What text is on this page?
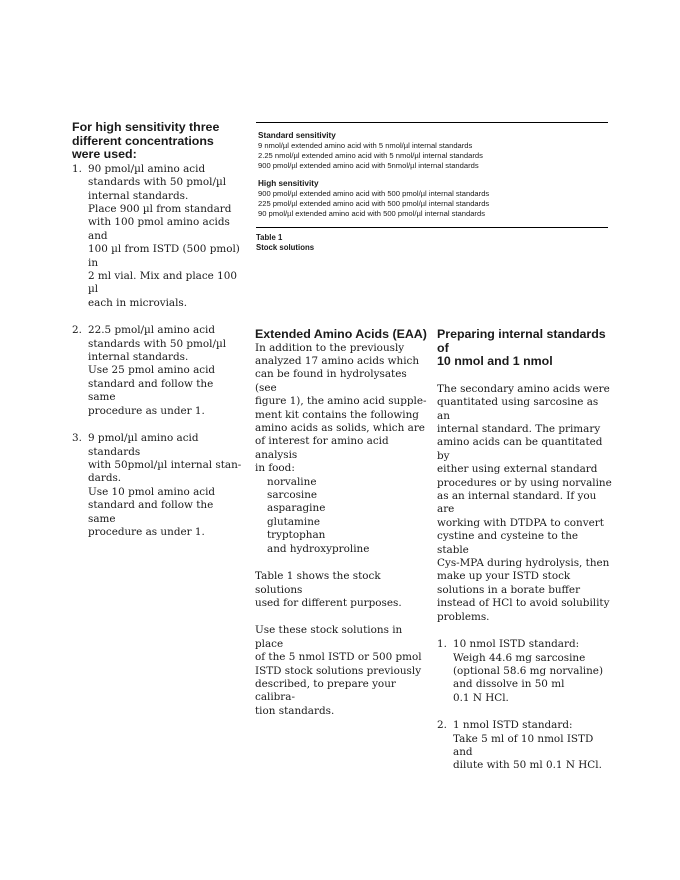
For high sensitivity three different concentrations were used:
1. 90 pmol/µl amino acid
standards with 50 pmol/µl
internal standards.
Place 900 µl from standard
with 100 pmol amino acids and
100 µl from ISTD (500 pmol) in
2 ml vial. Mix and place 100 µl
each in microvials.
2. 22.5 pmol/µl amino acid
standards with 50 pmol/µl
internal standards.
Use 25 pmol amino acid
standard and follow the same
procedure as under 1.
3. 9 pmol/µl amino acid standards
with 50pmol/µl internal stan-
dards.
Use 10 pmol amino acid
standard and follow the same
procedure as under 1.
Standard sensitivity
9 nmol/µl extended amino acid with 5 nmol/µl internal standards
2.25 nmol/µl extended amino acid with 5 nmol/µl internal standards
900 pmol/µl extended amino acid with 5nmol/µl internal standards
High sensitivity
900 pmol/µl extended amino acid with 500 pmol/µl internal standards
225 pmol/µl extended amino acid with 500 pmol/µl internal standards
90 pmol/µl extended amino acid with 500 pmol/µl internal standards
Table 1
Stock solutions
Extended Amino Acids (EAA)
In addition to the previously
analyzed 17 amino acids which
can be found in hydrolysates (see
figure 1), the amino acid supple-
ment kit contains the following
amino acids as solids, which are
of interest for amino acid analysis
in food:
norvaline
sarcosine
asparagine
glutamine
tryptophan
and hydroxyproline
Table 1 shows the stock solutions
used for different purposes.
Use these stock solutions in place
of the 5 nmol ISTD or 500 pmol
ISTD stock solutions previously
described, to prepare your calibra-
tion standards.
Preparing internal standards of
10 nmol and 1 nmol
The secondary amino acids were
quantitated using sarcosine as an
internal standard. The primary
amino acids can be quantitated by
either using external standard
procedures or by using norvaline
as an internal standard. If you are
working with DTDPA to convert
cystine and cysteine to the stable
Cys-MPA during hydrolysis, then
make up your ISTD stock
solutions in a borate buffer
instead of HCl to avoid solubility
problems.
1. 10 nmol ISTD standard:
Weigh 44.6 mg sarcosine
(optional 58.6 mg norvaline)
and dissolve in 50 ml
0.1 N HCl.
2. 1 nmol ISTD standard:
Take 5 ml of 10 nmol ISTD and
dilute with 50 ml 0.1 N HCl.
